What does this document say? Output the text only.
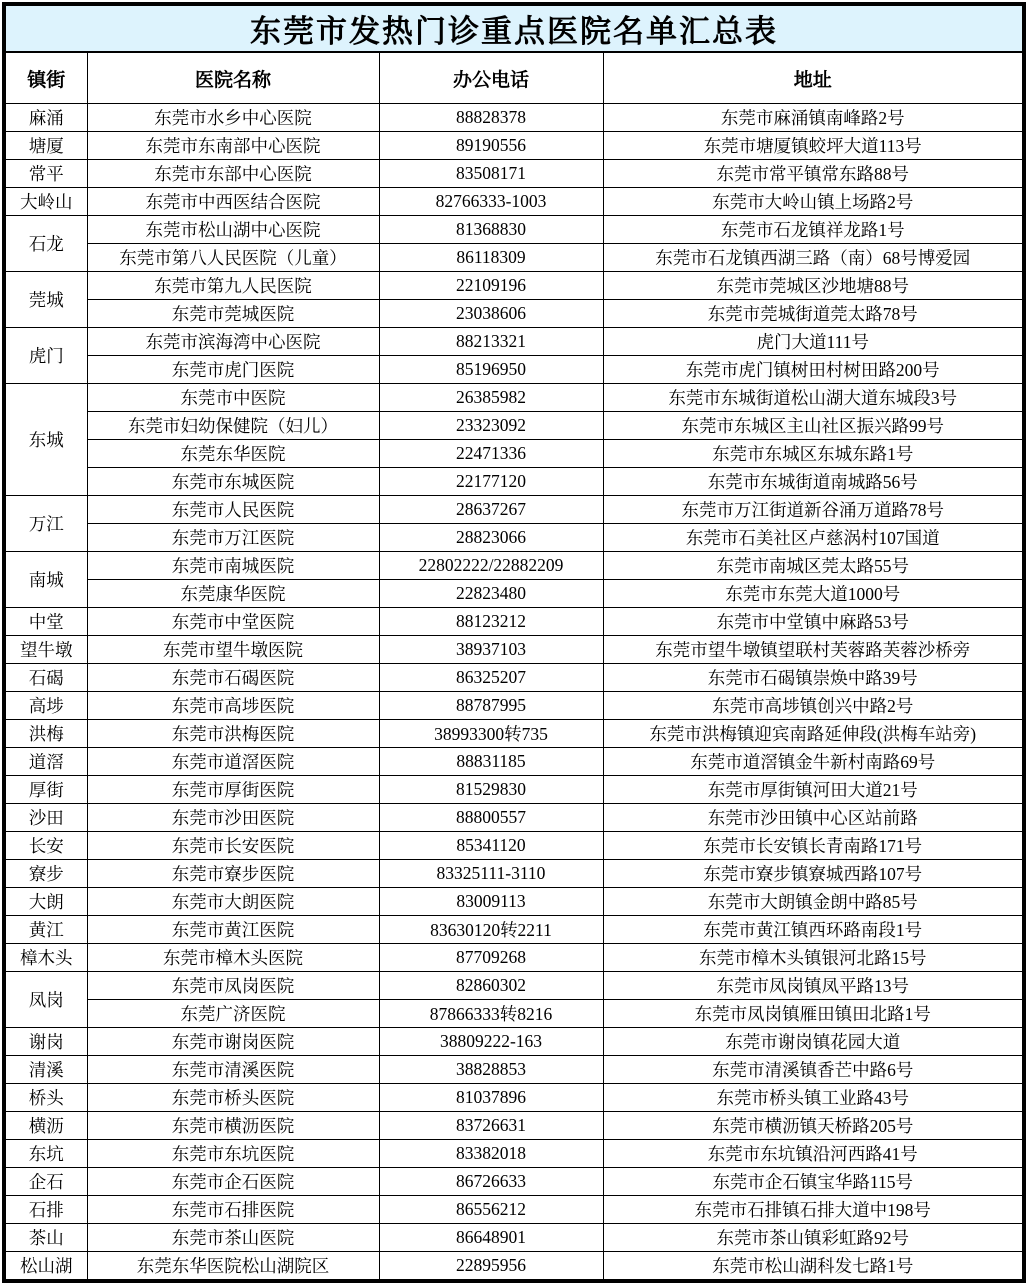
东莞市发热门诊重点医院名单汇总表			
镇街	医院名称	办公电话	地址
麻涌	东莞市水乡中心医院	88828378	东莞市麻涌镇南峰路2号
塘厦	东莞市东南部中心医院	89190556	东莞市塘厦镇蛟坪大道113号
常平	东莞市东部中心医院	83508171	东莞市常平镇常东路88号
大岭山	东莞市中西医结合医院	82766333-1003	东莞市大岭山镇上场路2号
石龙	东莞市松山湖中心医院	81368830	东莞市石龙镇祥龙路1号
	东莞市第八人民医院（儿童）	86118309	东莞市石龙镇西湖三路（南）68号博爱园
莞城	东莞市第九人民医院	22109196	东莞市莞城区沙地塘88号
	东莞市莞城医院	23038606	东莞市莞城街道莞太路78号
虎门	东莞市滨海湾中心医院	88213321	虎门大道111号
	东莞市虎门医院	85196950	东莞市虎门镇树田村树田路200号
东城	东莞市中医院	26385982	东莞市东城街道松山湖大道东城段3号
	东莞市妇幼保健院（妇儿）	23323092	东莞市东城区主山社区振兴路99号
	东莞东华医院	22471336	东莞市东城区东城东路1号
	东莞市东城医院	22177120	东莞市东城街道南城路56号
万江	东莞市人民医院	28637267	东莞市万江街道新谷涌万道路78号
	东莞市万江医院	28823066	东莞市石美社区卢慈涡村107国道
南城	东莞市南城医院	22802222/22882209	东莞市南城区莞太路55号
	东莞康华医院	22823480	东莞市东莞大道1000号
中堂	东莞市中堂医院	88123212	东莞市中堂镇中麻路53号
望牛墩	东莞市望牛墩医院	38937103	东莞市望牛墩镇望联村芙蓉路芙蓉沙桥旁
石碣	东莞市石碣医院	86325207	东莞市石碣镇崇焕中路39号
高埗	东莞市高埗医院	88787995	东莞市高埗镇创兴中路2号
洪梅	东莞市洪梅医院	38993300转735	东莞市洪梅镇迎宾南路延伸段(洪梅车站旁)
道滘	东莞市道滘医院	88831185	东莞市道滘镇金牛新村南路69号
厚街	东莞市厚街医院	81529830	东莞市厚街镇河田大道21号
沙田	东莞市沙田医院	88800557	东莞市沙田镇中心区站前路
长安	东莞市长安医院	85341120	东莞市长安镇长青南路171号
寮步	东莞市寮步医院	83325111-3110	东莞市寮步镇寮城西路107号
大朗	东莞市大朗医院	83009113	东莞市大朗镇金朗中路85号
黄江	东莞市黄江医院	83630120转2211	东莞市黄江镇西环路南段1号
樟木头	东莞市樟木头医院	87709268	东莞市樟木头镇银河北路15号
凤岗	东莞市凤岗医院	82860302	东莞市凤岗镇凤平路13号
	东莞广济医院	87866333转8216	东莞市凤岗镇雁田镇田北路1号
谢岗	东莞市谢岗医院	38809222-163	东莞市谢岗镇花园大道
清溪	东莞市清溪医院	38828853	东莞市清溪镇香芒中路6号
桥头	东莞市桥头医院	81037896	东莞市桥头镇工业路43号
横沥	东莞市横沥医院	83726631	东莞市横沥镇天桥路205号
东坑	东莞市东坑医院	83382018	东莞市东坑镇沿河西路41号
企石	东莞市企石医院	86726633	东莞市企石镇宝华路115号
石排	东莞市石排医院	86556212	东莞市石排镇石排大道中198号
茶山	东莞市茶山医院	86648901	东莞市茶山镇彩虹路92号
松山湖	东莞东华医院松山湖院区	22895956	东莞市松山湖科发七路1号
